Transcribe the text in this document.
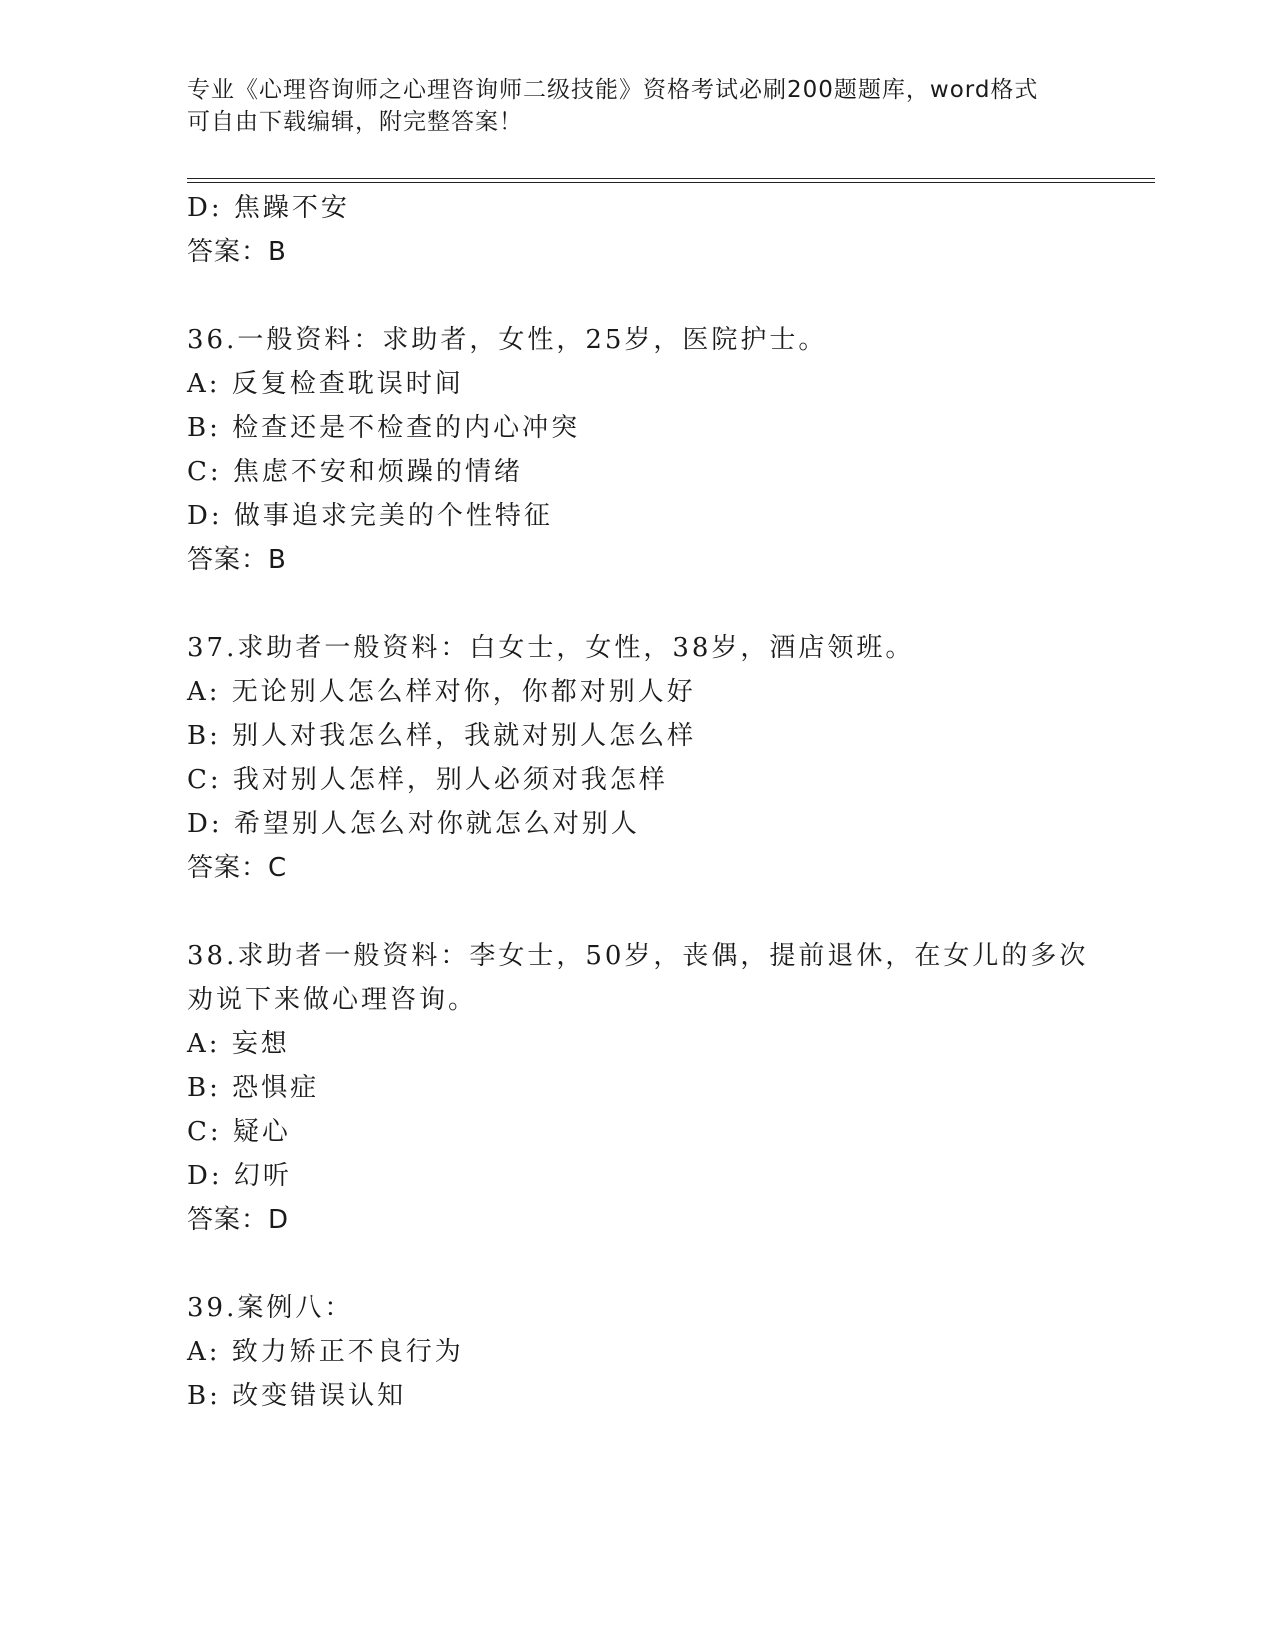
专业《心理咨询师之心理咨询师二级技能》资格考试必刷200题题库，word格式
可自由下载编辑，附完整答案！
D: 焦躁不安
答案：B
36.一般资料：求助者，女性，25岁，医院护士。
A: 反复检查耽误时间
B: 检查还是不检查的内心冲突
C: 焦虑不安和烦躁的情绪
D: 做事追求完美的个性特征
答案：B
37.求助者一般资料：白女士，女性，38岁，酒店领班。
A: 无论别人怎么样对你，你都对别人好
B: 别人对我怎么样，我就对别人怎么样
C: 我对别人怎样，别人必须对我怎样
D: 希望别人怎么对你就怎么对别人
答案：C
38.求助者一般资料：李女士，50岁，丧偶，提前退休，在女儿的多次
劝说下来做心理咨询。
A: 妄想
B: 恐惧症
C: 疑心
D: 幻听
答案：D
39.案例八：
A: 致力矫正不良行为
B: 改变错误认知
